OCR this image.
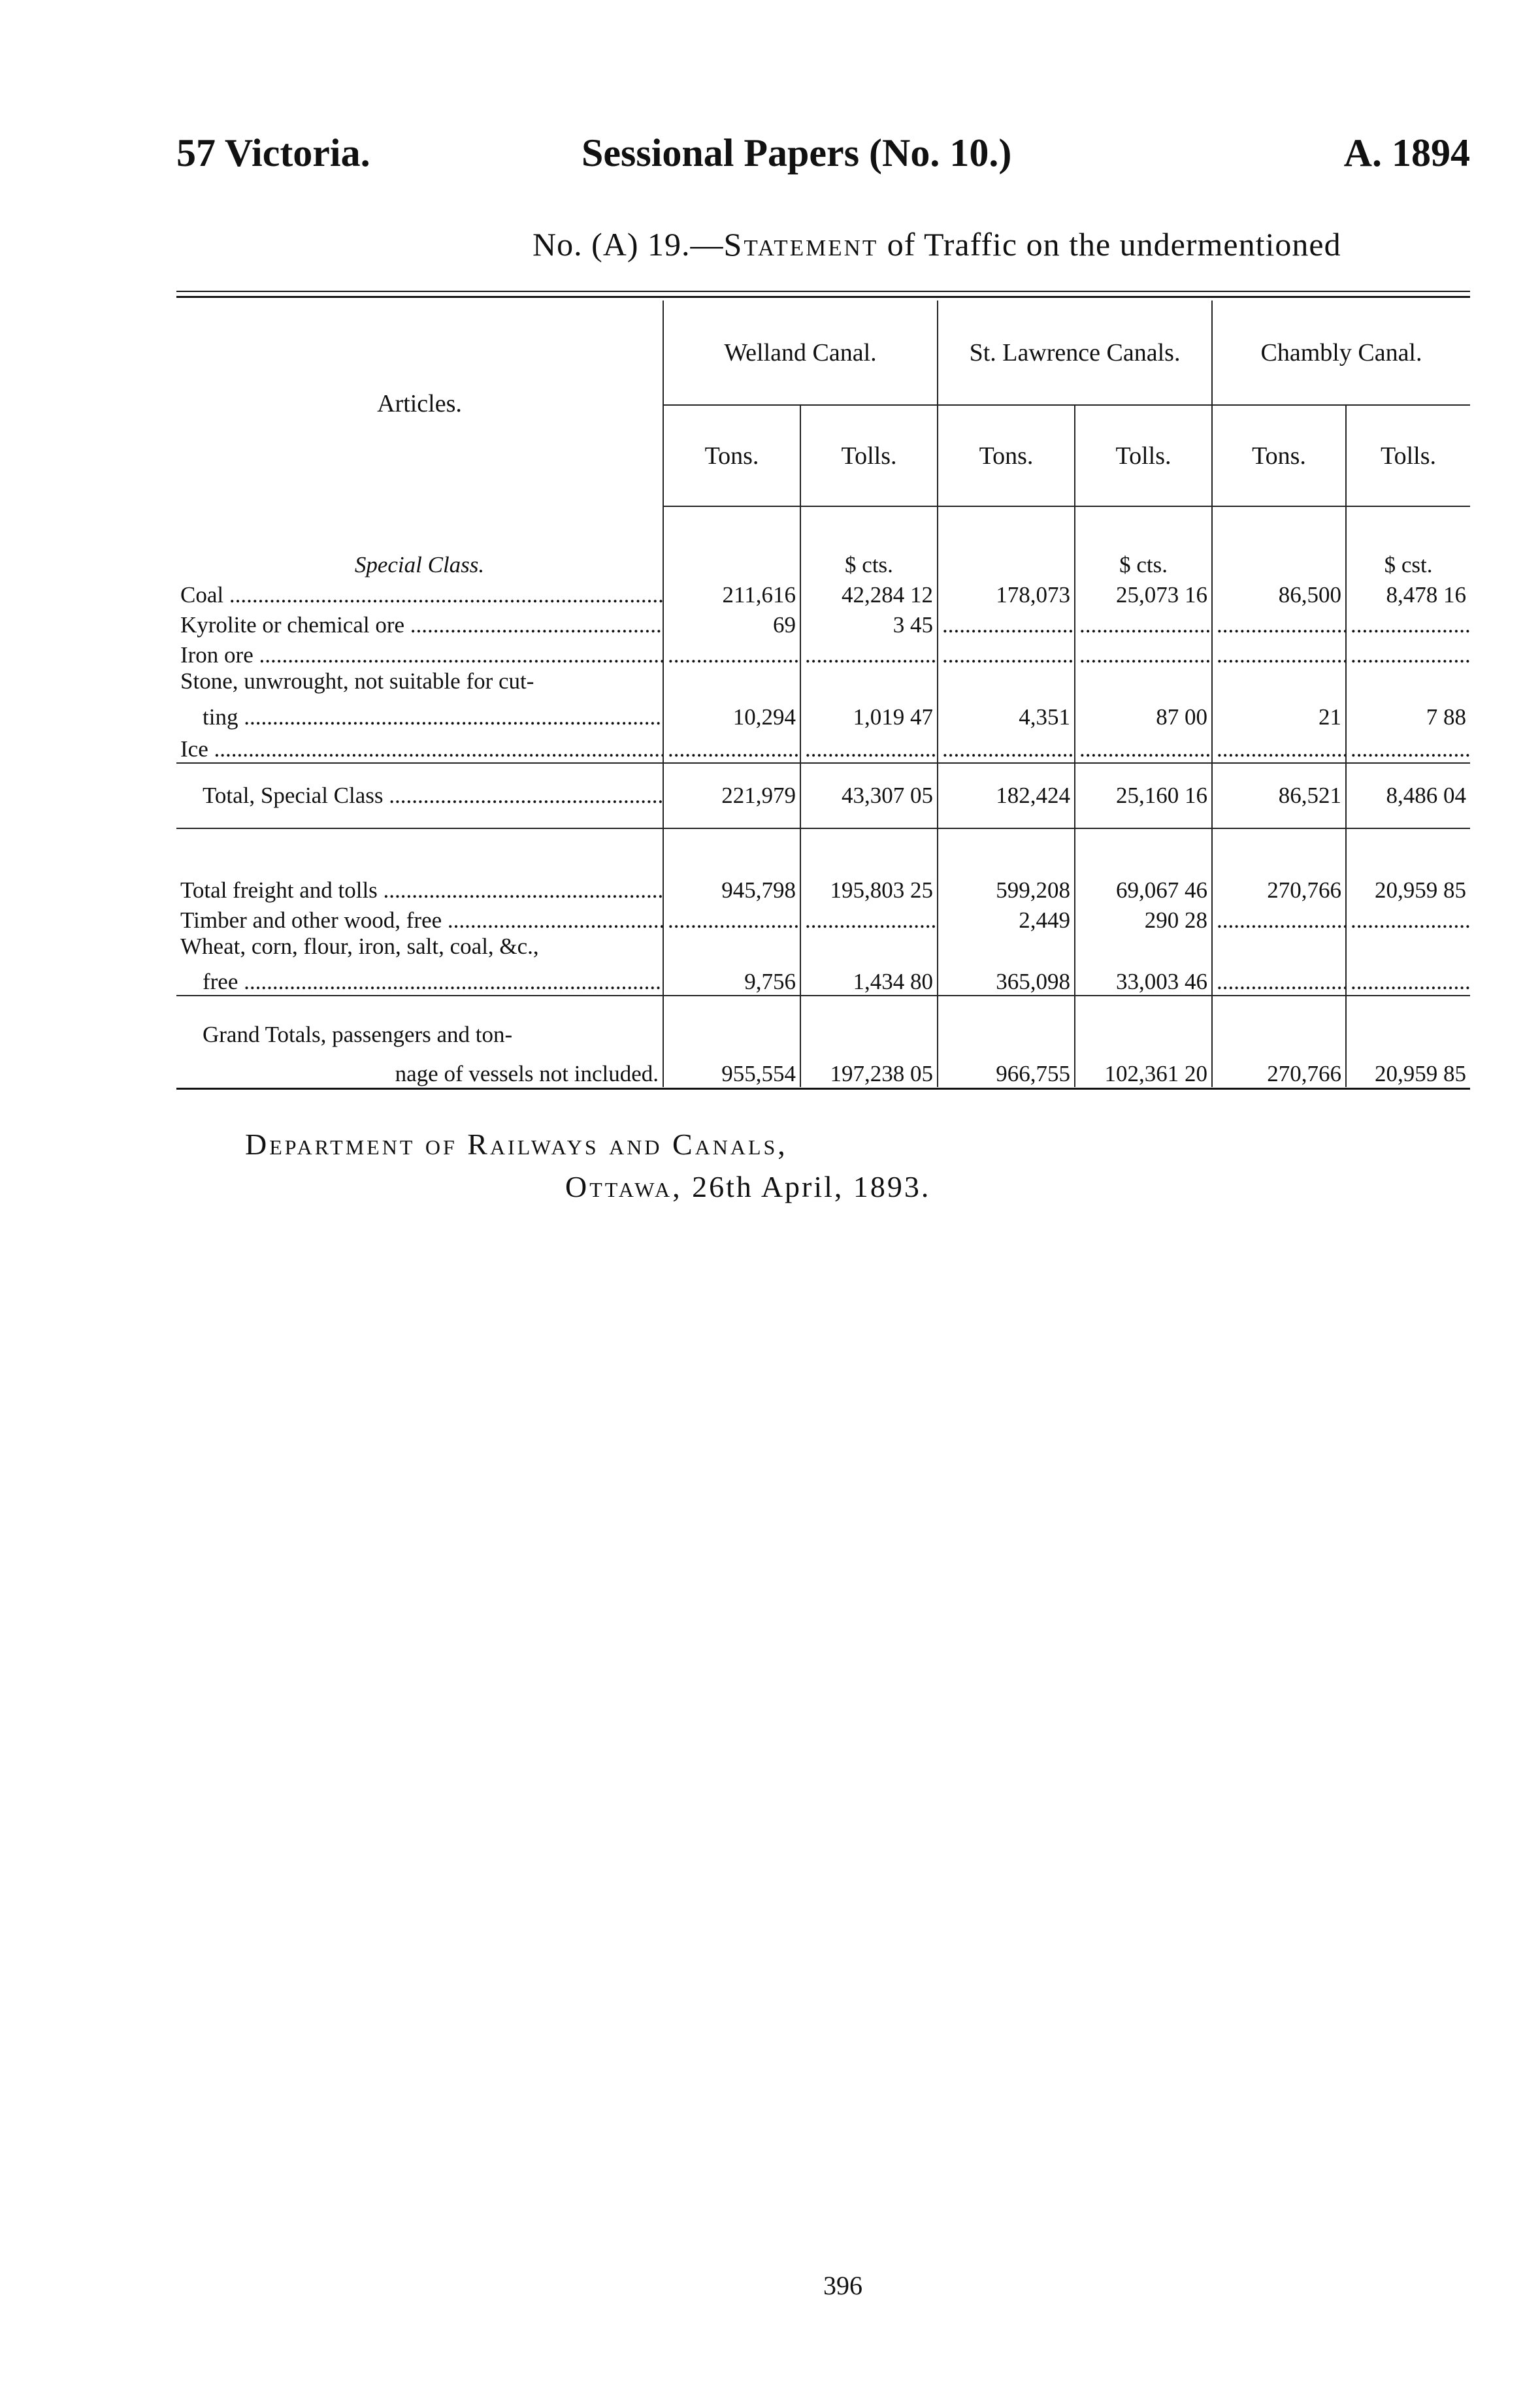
57 Victoria.	Sessional Papers (No. 10.)	A. 1894
No. (A) 19.—Statement of Traffic on the undermentioned
Articles.	Welland Canal.		St. Lawrence Canals.		Chambly Canal.	
	Tons.	Tolls.	Tons.	Tolls.	Tons.	Tolls.
Special Class.		$ cts.		$ cts.		$ cst.
Coal .....	211,616	42,284 12	178,073	25,073 16	86,500	8,478 16
Kyrolite or chemical ore .....	69	3 45	.....	.....	.....	.....
Iron ore .....	.....	.....	.....	.....	.....	.....
Stone, unwrought, not suitable for cut-						
ting .....	10,294	1,019 47	4,351	87 00	21	7 88
Ice .....	.....	.....	.....	.....	.....	.....
Total, Special Class .....	221,979	43,307 05	182,424	25,160 16	86,521	8,486 04
Total freight and tolls .....	945,798	195,803 25	599,208	69,067 46	270,766	20,959 85
Timber and other wood, free .....	.....	.....	2,449	290 28	.....	.....
Wheat, corn, flour, iron, salt, coal, &c.,						
free .....	9,756	1,434 80	365,098	33,003 46	.....	.....
Grand Totals, passengers and ton-						
nage of vessels not included.	955,554	197,238 05	966,755	102,361 20	270,766	20,959 85
Department of Railways and Canals,
Ottawa, 26th April, 1893.
396
